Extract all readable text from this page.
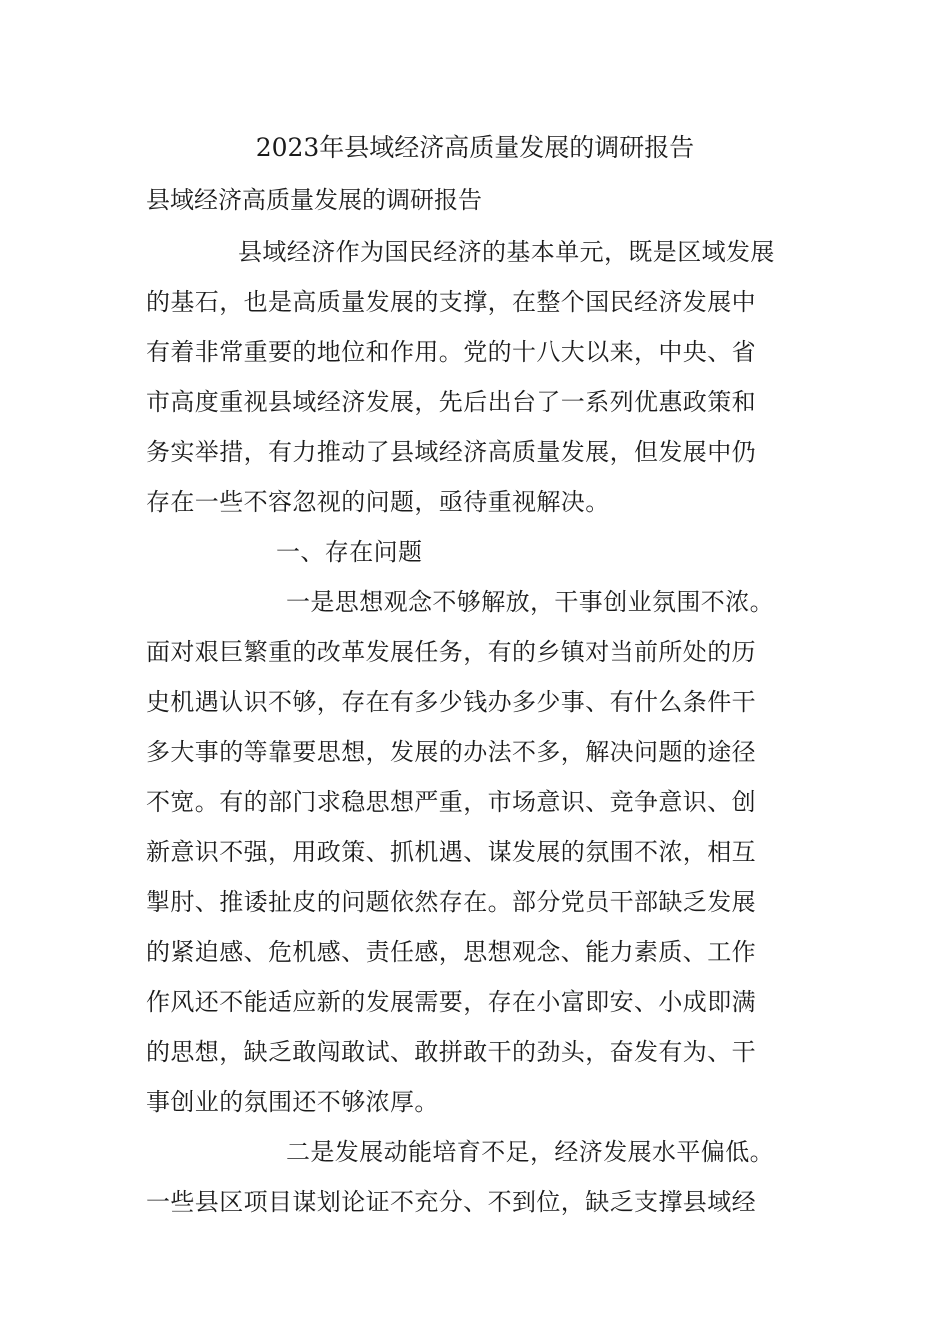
2023年县域经济高质量发展的调研报告
县域经济高质量发展的调研报告
县域经济作为国民经济的基本单元，既是区域发展
的基石，也是高质量发展的支撑，在整个国民经济发展中
有着非常重要的地位和作用。党的十八大以来，中央、省
市高度重视县域经济发展，先后出台了一系列优惠政策和
务实举措，有力推动了县域经济高质量发展，但发展中仍
存在一些不容忽视的问题，亟待重视解决。
一、存在问题
一是思想观念不够解放，干事创业氛围不浓。
面对艰巨繁重的改革发展任务，有的乡镇对当前所处的历
史机遇认识不够，存在有多少钱办多少事、有什么条件干
多大事的等靠要思想，发展的办法不多，解决问题的途径
不宽。有的部门求稳思想严重，市场意识、竞争意识、创
新意识不强，用政策、抓机遇、谋发展的氛围不浓，相互
掣肘、推诿扯皮的问题依然存在。部分党员干部缺乏发展
的紧迫感、危机感、责任感，思想观念、能力素质、工作
作风还不能适应新的发展需要，存在小富即安、小成即满
的思想，缺乏敢闯敢试、敢拼敢干的劲头，奋发有为、干
事创业的氛围还不够浓厚。
二是发展动能培育不足，经济发展水平偏低。
一些县区项目谋划论证不充分、不到位，缺乏支撑县域经
